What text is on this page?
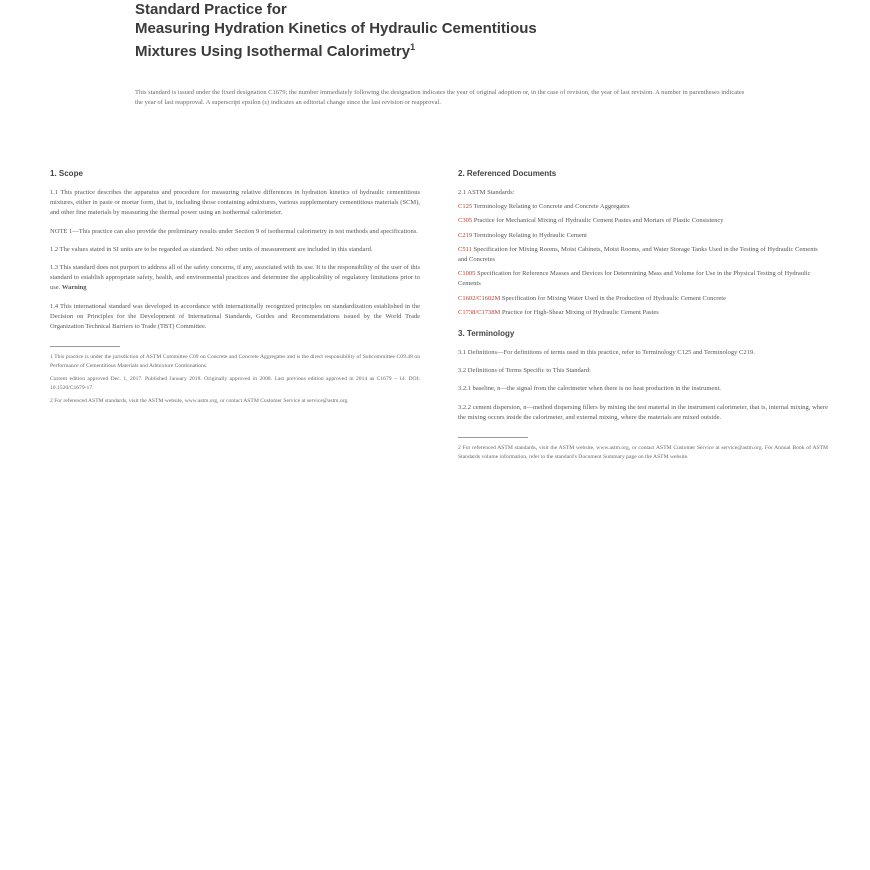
Standard Practice for
Measuring Hydration Kinetics of Hydraulic Cementitious
Mixtures Using Isothermal Calorimetry$^1$
This standard is issued under the fixed designation C1679; the number immediately following the designation indicates the year of original adoption or, in the case of revision, the year of last revision. A number in parentheses indicates the year of last reapproval. A superscript epsilon (ε) indicates an editorial change since the last revision or reapproval.
1. Scope

1.1 This practice describes the apparatus and procedure for measuring relative differences in hydration kinetics of hydraulic cementitious mixtures, either in paste or mortar form, that is, including those containing admixtures, various supplementary cementitious materials (SCM), and other fine materials by measuring the thermal power using an isothermal calorimeter.

NOTE 1—This practice can also provide the preliminary results under Section 9 of isothermal calorimetry in test methods and specifications.

1.2 The values stated in SI units are to be regarded as standard. No other units of measurement are included in this standard.

1.3 This standard does not purport to address all of the safety concerns, if any, associated with its use. It is the responsibility of the user of this standard to establish appropriate safety, health, and environmental practices and determine the applicability of regulatory limitations prior to use. Warning

1.4 This international standard was developed in accordance with internationally recognized principles on standardization established in the Decision on Principles for the Development of International Standards, Guides and Recommendations issued by the World Trade Organization Technical Barriers to Trade (TBT) Committee.

1 This practice is under the jurisdiction of ASTM Committee C09 on Concrete and Concrete Aggregates and is the direct responsibility of Subcommittee C09.48 on Performance of Cementitious Materials and Admixture Combinations.

Current edition approved Dec. 1, 2017. Published January 2018. Originally approved in 2008. Last previous edition approved in 2014 as C1679 – 14. DOI: 10.1520/C1679-17.

2 For referenced ASTM standards, visit the ASTM website, www.astm.org, or contact ASTM Customer Service at service@astm.org.

2. Referenced Documents

2.1 ASTM Standards:

C125 Terminology Relating to Concrete and Concrete Aggregates
C305 Practice for Mechanical Mixing of Hydraulic Cement Pastes and Mortars of Plastic Consistency
C219 Terminology Relating to Hydraulic Cement
C511 Specification for Mixing Rooms, Moist Cabinets, Moist Rooms, and Water Storage Tanks Used in the Testing of Hydraulic Cements and Concretes
C1005 Specification for Reference Masses and Devices for Determining Mass and Volume for Use in the Physical Testing of Hydraulic Cements
C1602/C1602M Specification for Mixing Water Used in the Production of Hydraulic Cement Concrete
C1738/C1738M Practice for High-Shear Mixing of Hydraulic Cement Pastes
3. Terminology

3.1 Definitions—For definitions of terms used in this practice, refer to Terminology C125 and Terminology C219.

3.2 Definitions of Terms Specific to This Standard:

3.2.1 baseline, n—the signal from the calorimeter when there is no heat production in the instrument.

3.2.2 cement dispersion, n—method dispersing fillers by mixing the test material in the instrument calorimeter, that is, internal mixing, where the mixing occurs inside the calorimeter, and external mixing, where the materials are mixed outside.

2 For referenced ASTM standards, visit the ASTM website, www.astm.org, or contact ASTM Customer Service at service@astm.org. For Annual Book of ASTM Standards volume information, refer to the standard's Document Summary page on the ASTM website.
